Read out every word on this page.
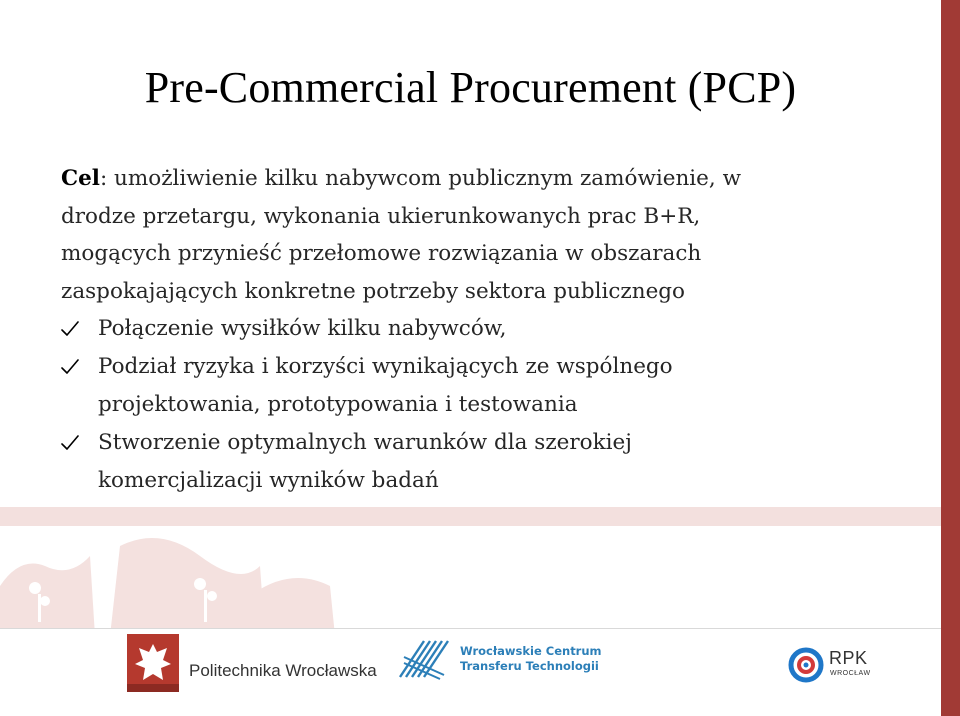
Pre-Commercial Procurement (PCP)

Cel: umożliwienie kilku nabywcom publicznym zamówienie, w
drodze przetargu, wykonania ukierunkowanych prac B+R,
mogących przynieść przełomowe rozwiązania w obszarach
zaspokajających konkretne potrzeby sektora publicznego

Połączenie wysiłków kilku nabywców,
Podział ryzyka i korzyści wynikających ze wspólnego
projektowania, prototypowania i testowania
Stworzenie optymalnych warunków dla szerokiej
komercjalizacji wyników badań
Politechnika Wrocławska
Wrocławskie Centrum
Transferu Technologii	RPK
WROCŁAW
